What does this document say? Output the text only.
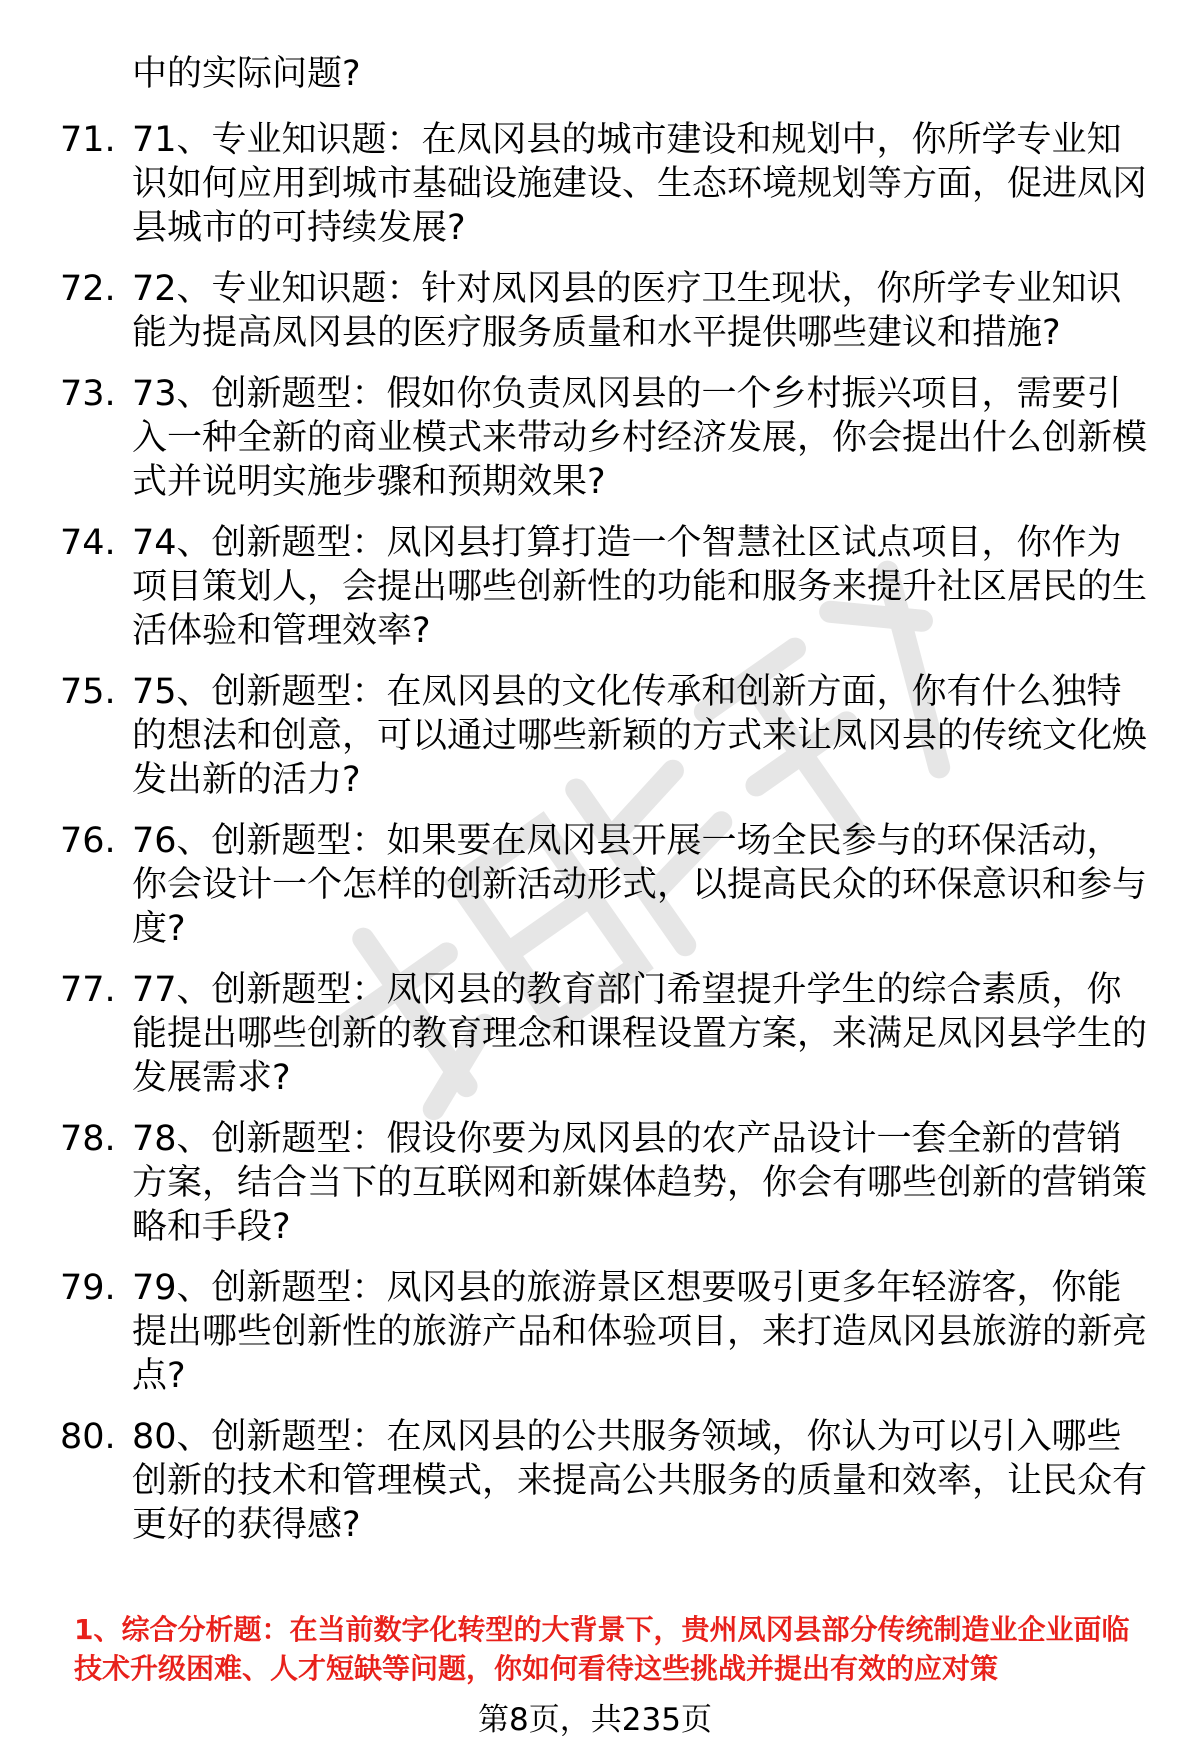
中的实际问题?

71. 71、专业知识题：在凤冈县的城市建设和规划中，你所学专业知识如何应用到城市基础设施建设、生态环境规划等方面，促进凤冈县城市的可持续发展?
72. 72、专业知识题：针对凤冈县的医疗卫生现状，你所学专业知识能为提高凤冈县的医疗服务质量和水平提供哪些建议和措施?
73. 73、创新题型：假如你负责凤冈县的一个乡村振兴项目，需要引入一种全新的商业模式来带动乡村经济发展，你会提出什么创新模式并说明实施步骤和预期效果?
74. 74、创新题型：凤冈县打算打造一个智慧社区试点项目，你作为项目策划人，会提出哪些创新性的功能和服务来提升社区居民的生活体验和管理效率?
75. 75、创新题型：在凤冈县的文化传承和创新方面，你有什么独特的想法和创意，可以通过哪些新颖的方式来让凤冈县的传统文化焕发出新的活力?
76. 76、创新题型：如果要在凤冈县开展一场全民参与的环保活动，你会设计一个怎样的创新活动形式，以提高民众的环保意识和参与度?
77. 77、创新题型：凤冈县的教育部门希望提升学生的综合素质，你能提出哪些创新的教育理念和课程设置方案，来满足凤冈县学生的发展需求?
78. 78、创新题型：假设你要为凤冈县的农产品设计一套全新的营销方案，结合当下的互联网和新媒体趋势，你会有哪些创新的营销策略和手段?
79. 79、创新题型：凤冈县的旅游景区想要吸引更多年轻游客，你能提出哪些创新性的旅游产品和体验项目，来打造凤冈县旅游的新亮点?
80. 80、创新题型：在凤冈县的公共服务领域，你认为可以引入哪些创新的技术和管理模式，来提高公共服务的质量和效率，让民众有更好的获得感?

1、综合分析题：在当前数字化转型的大背景下，贵州凤冈县部分传统制造业企业面临技术升级困难、人才短缺等问题，你如何看待这些挑战并提出有效的应对策

第8页，共235页
